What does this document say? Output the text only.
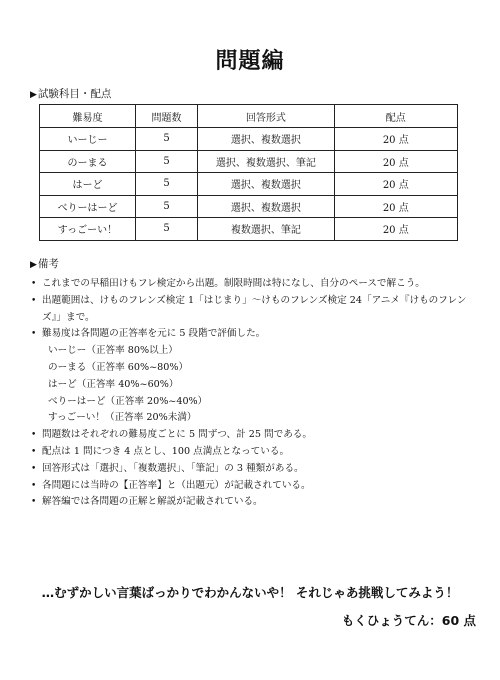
問題編
▶試験科目・配点
難易度	問題数	回答形式	配点
いーじー	5	選択、複数選択	20 点
のーまる	5	選択、複数選択、筆記	20 点
はーど	5	選択、複数選択	20 点
べりーはーど	5	選択、複数選択	20 点
すっごーい！	5	複数選択、筆記	20 点
▶備考
• これまでの早稲田けもフレ検定から出題。制限時間は特になし、自分のペースで解こう。
• 出題範囲は、けものフレンズ検定 1「はじまり」～けものフレンズ検定 24「アニメ『けものフレン
ズ』」まで。
• 難易度は各問題の正答率を元に 5 段階で評価した。
いーじー（正答率 80%以上）
のーまる（正答率 60%~80%）
はーど（正答率 40%~60%）
べりーはーど（正答率 20%~40%）
すっごーい！（正答率 20%未満）
• 問題数はそれぞれの難易度ごとに 5 問ずつ、計 25 問である。
• 配点は 1 問につき 4 点とし、100 点満点となっている。
• 回答形式は「選択」、「複数選択」、「筆記」の 3 種類がある。
• 各問題には当時の【正答率】と（出題元）が記載されている。
• 解答編では各問題の正解と解説が記載されている。
…むずかしい言葉ばっかりでわかんないや！ それじゃあ挑戦してみよう！
もくひょうてん：60 点
